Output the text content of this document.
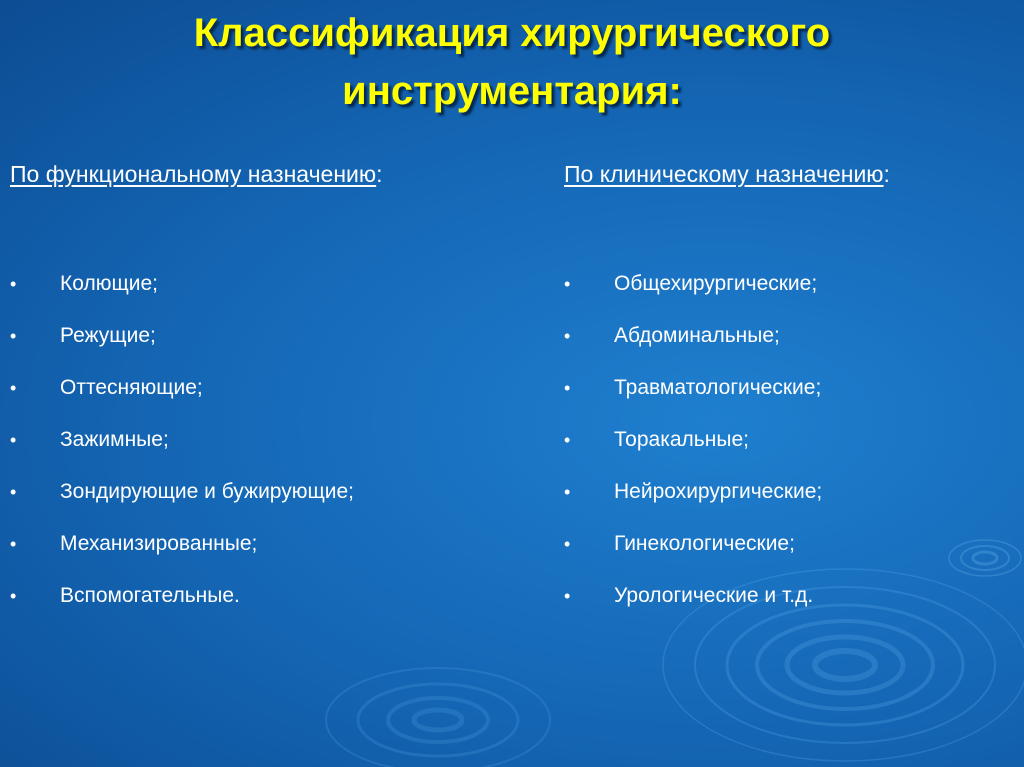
Классификация хирургического
инструментария:
По функциональному назначению:
• Колющие;
• Режущие;
• Оттесняющие;
• Зажимные;
• Зондирующие и бужирующие;
• Механизированные;
• Вспомогательные.
По клиническому назначению:
• Общехирургические;
• Абдоминальные;
• Травматологические;
• Торакальные;
• Нейрохирургические;
• Гинекологические;
• Урологические и т.д.
